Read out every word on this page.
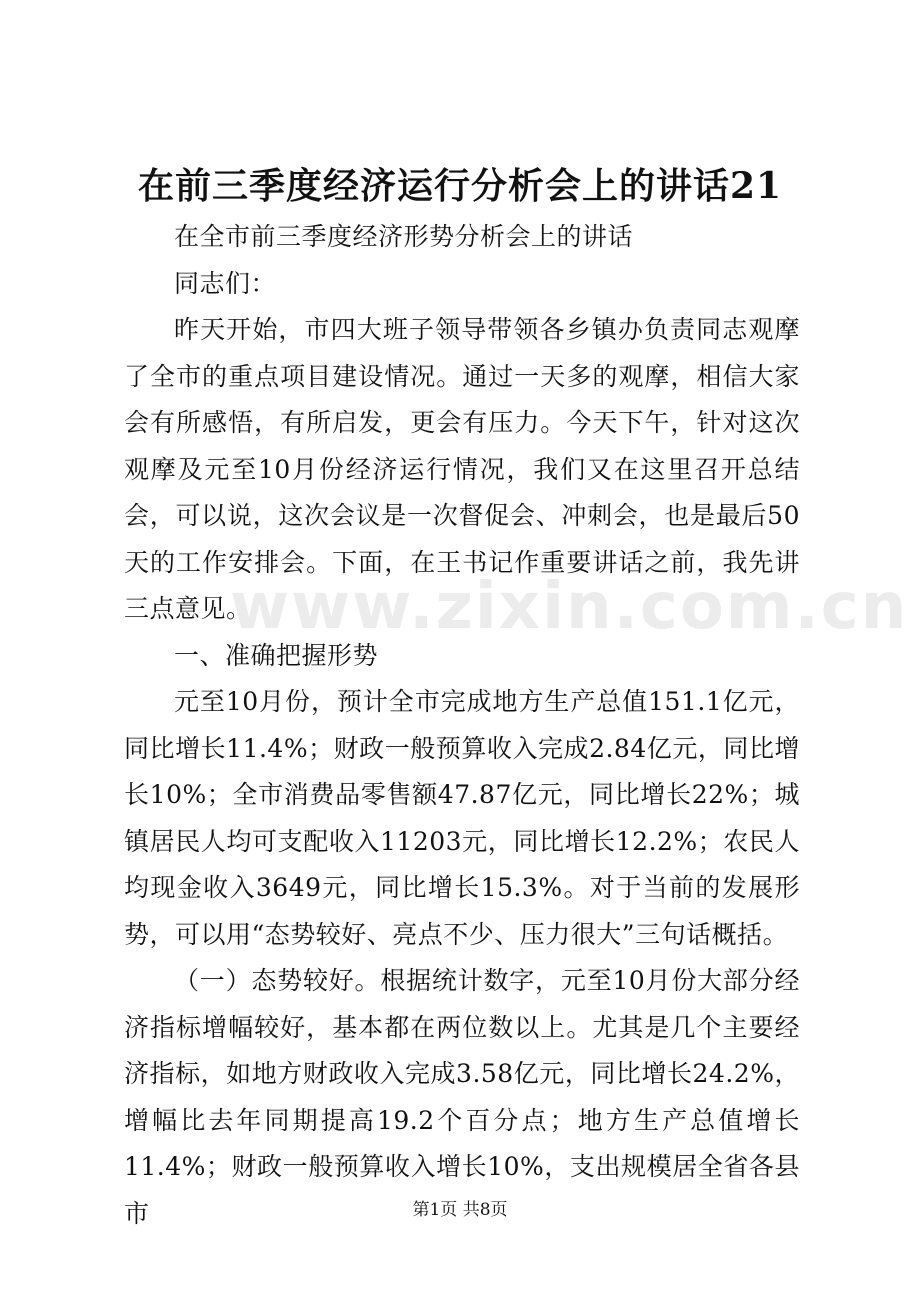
在前三季度经济运行分析会上的讲话21

在全市前三季度经济形势分析会上的讲话

同志们：

昨天开始，市四大班子领导带领各乡镇办负责同志观摩了全市的重点项目建设情况。通过一天多的观摩，相信大家会有所感悟，有所启发，更会有压力。今天下午，针对这次观摩及元至10月份经济运行情况，我们又在这里召开总结会，可以说，这次会议是一次督促会、冲刺会，也是最后50天的工作安排会。下面，在王书记作重要讲话之前，我先讲三点意见。

一、准确把握形势

元至10月份，预计全市完成地方生产总值151.1亿元，同比增长11.4%；财政一般预算收入完成2.84亿元，同比增长10%；全市消费品零售额47.87亿元，同比增长22%；城镇居民人均可支配收入11203元，同比增长12.2%；农民人均现金收入3649元，同比增长15.3%。对于当前的发展形势，可以用“态势较好、亮点不少、压力很大”三句话概括。

（一）态势较好。根据统计数字，元至10月份大部分经济指标增幅较好，基本都在两位数以上。尤其是几个主要经济指标，如地方财政收入完成3.58亿元，同比增长24.2%，增幅比去年同期提高19.2个百分点；地方生产总值增长11.4%；财政一般预算收入增长10%，支出规模居全省各县市

www.zixin.com.cn
第1页 共8页
